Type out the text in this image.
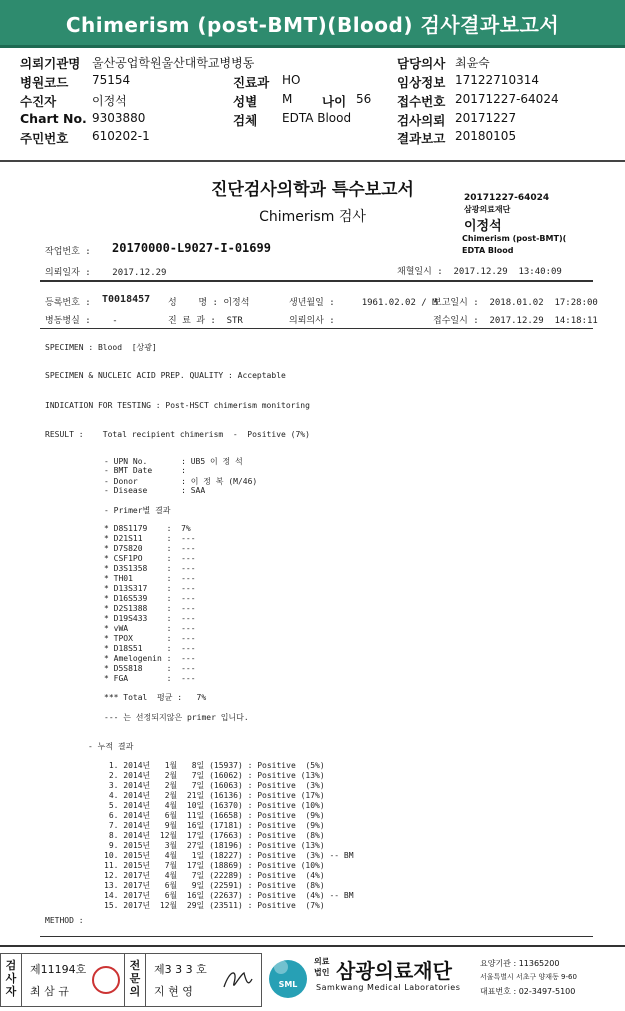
Chimerism (post-BMT)(Blood) 검사결과보고서
의뢰기관명 울산공업학원울산대학교병병동
병원코드 75154
수진자	이정석
Chart No. 9303880
주민번호 610202-1
진료과 HO
성별 M 나이 56
검체 EDTA Blood
담당의사 최윤숙
임상정보 17122710314
접수번호 20171227-64024
검사의뢰 20171227
결과보고 20180105
진단검사의학과 특수보고서
Chimerism 검사
20171227-64024
삼광의료재단
이정석
Chimerism (post-BMT)(
EDTA Blood
작업번호 : 20170000-L9027-I-01699
의뢰일자 :    2017.12.29	채혈일시 :  2017.12.29  13:40:09
등록번호 : T0018457 성    명 : 이정석	생년월일 :     1961.02.02 / M
보고일시 :  2018.01.02  17:28:00
병동병실 :    -	진 료 과 :  STR	의뢰의사 :	접수일시 :  2017.12.29  14:18:11
SPECIMEN : Blood  [상광]
SPECIMEN & NUCLEIC ACID PREP. QUALITY : Acceptable
INDICATION FOR TESTING : Post-HSCT chimerism monitoring
RESULT :    Total recipient chimerism  -  Positive (7%)
- UPN No.       : UB5 이 정 석
- BMT Date      :
- Donor         : 이 정 복 (M/46)
- Disease       : SAA
- Primer별 결과
* D8S1179    :  7%
* D21S11     :  ---
* D7S820     :  ---
* CSF1PO     :  ---
* D3S1358    :  ---
* TH01       :  ---
* D13S317    :  ---
* D16S539    :  ---
* D2S1388    :  ---
* D19S433    :  ---
* vWA        :  ---
* TPOX       :  ---
* D18S51     :  ---
* Amelogenin :  ---
* D5S818     :  ---
* FGA        :  ---
*** Total  평균 :   7%
--- 는 선정되지않은 primer 입니다.
- 누적 결과
1. 2014년   1월   8일 (15937) : Positive  (5%)
2. 2014년   2월   7일 (16062) : Positive (13%)
3. 2014년   2월   7일 (16063) : Positive  (3%)
4. 2014년   2월  21일 (16136) : Positive (17%)
5. 2014년   4월  10일 (16370) : Positive (10%)
6. 2014년   6월  11일 (16658) : Positive  (9%)
7. 2014년   9월  16일 (17181) : Positive  (9%)
8. 2014년  12월  17일 (17663) : Positive  (8%)
9. 2015년   3월  27일 (18196) : Positive (13%)
10. 2015년   4월   1일 (18227) : Positive  (3%) -- BM
11. 2015년   7월  17일 (18869) : Positive (10%)
12. 2017년   4월   7일 (22289) : Positive  (4%)
13. 2017년   6월   9일 (22591) : Positive  (8%)
14. 2017년   6월  16일 (22637) : Positive  (4%) -- BM
15. 2017년  12월  29일 (23511) : Positive  (7%)
METHOD :
검사자
제11194호
최 삼 규
전문의
제3 3 3 호
지 현 영
SML
의료
법인 삼광의료재단
Samkwang Medical Laboratories
요양기관 : 11365200
서울특별시 서초구 양재동 9-60
대표번호 : 02-3497-5100
